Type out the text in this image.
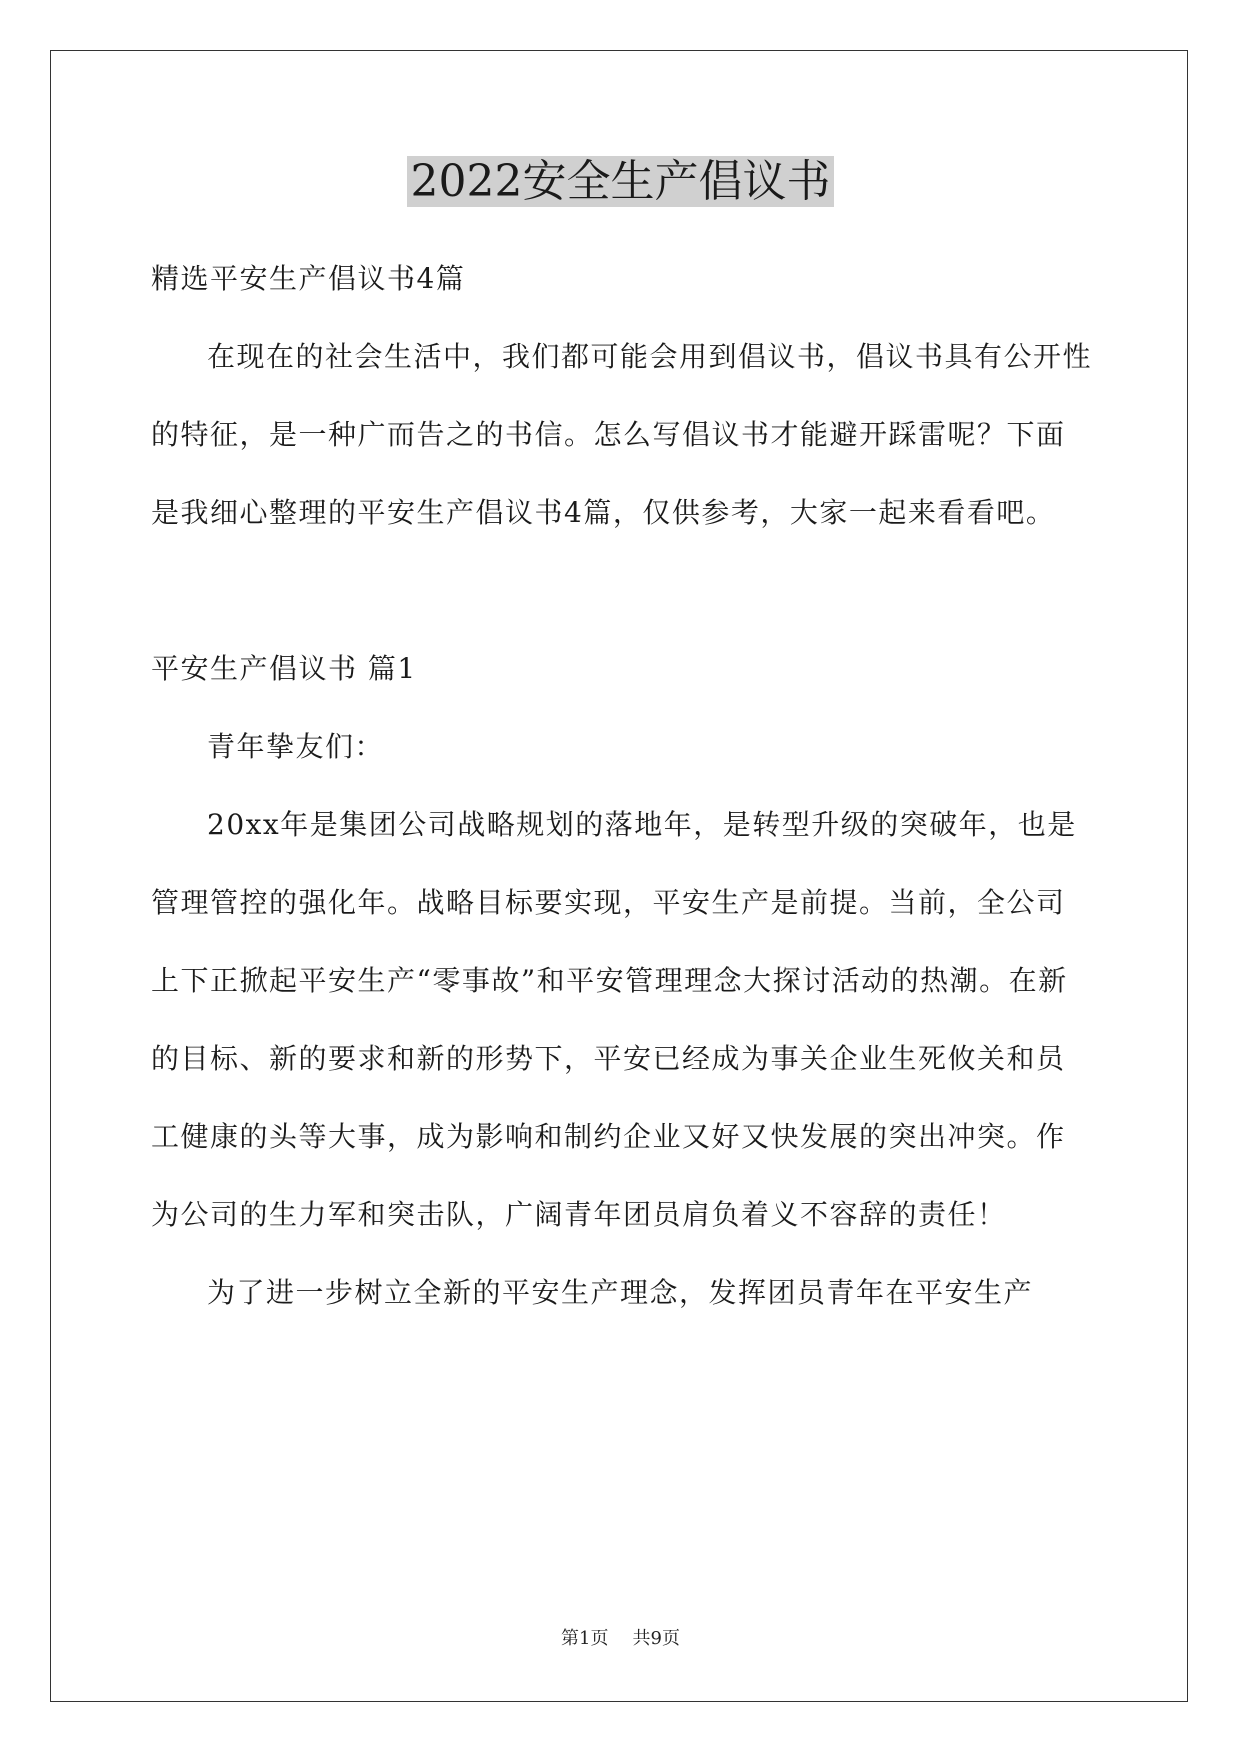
2022安全生产倡议书

精选平安生产倡议书4篇

在现在的社会生活中，我们都可能会用到倡议书，倡议书具有公开性的特征，是一种广而告之的书信。怎么写倡议书才能避开踩雷呢？下面是我细心整理的平安生产倡议书4篇，仅供参考，大家一起来看看吧。

平安生产倡议书 篇1

青年挚友们：

20xx年是集团公司战略规划的落地年，是转型升级的突破年，也是管理管控的强化年。战略目标要实现，平安生产是前提。当前，全公司上下正掀起平安生产“零事故”和平安管理理念大探讨活动的热潮。在新的目标、新的要求和新的形势下，平安已经成为事关企业生死攸关和员工健康的头等大事，成为影响和制约企业又好又快发展的突出冲突。作为公司的生力军和突击队，广阔青年团员肩负着义不容辞的责任！

为了进一步树立全新的平安生产理念，发挥团员青年在平安生产

第1页 共9页
